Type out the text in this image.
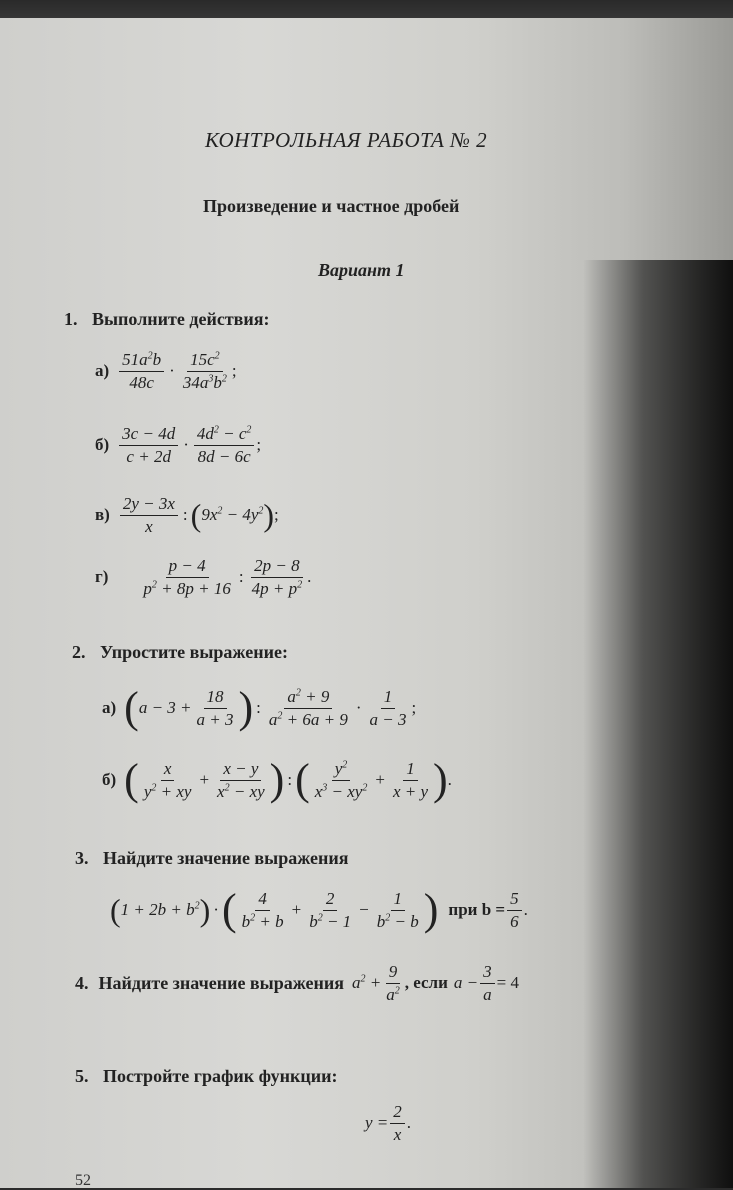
КОНТРОЛЬНАЯ РАБОТА № 2
Произведение и частное дробей
Вариант 1
1. Выполните действия:
$а) \frac{51a^2b}{48c} \cdot \frac{15c^2}{34a^3b^2}$ ;
$б) \frac{3c - 4d}{c + 2d} \cdot \frac{4d^2 - c^2}{8d - 6c}$ ;
$в) \frac{2y - 3x}{x}$ : ( $9x^2 - 4y^2$ ) ;
$г) \frac{p - 4}{p^2 + 8p + 16}$ : $\frac{2p - 8}{4p + p^2}$ .
2. Упростите выражение:
а) ( $a - 3 + \frac{18}{a + 3}$ ) : $\frac{a^2 + 9}{a^2 + 6a + 9} \cdot \frac{1}{a - 3}$ ;
б) ( $\frac{x}{y^2 + xy} + \frac{x - y}{x^2 - xy}$ ) : ( $\frac{y^2}{x^3 - xy^2} + \frac{1}{x + y}$ ) .
3. Найдите значение выражения
( $1 + 2b + b^2$ ) · ( $\frac{4}{b^2 + b} + \frac{2}{b^2 - 1} - \frac{1}{b^2 - b}$ ) при $b = \frac{5}{6}$ .
4. Найдите значение выражения $a^2 + \frac{9}{a^2}$ , если $a - \frac{3}{a} = 4$
5. Постройте график функции:
$y = \frac{2}{x}$ .
52
